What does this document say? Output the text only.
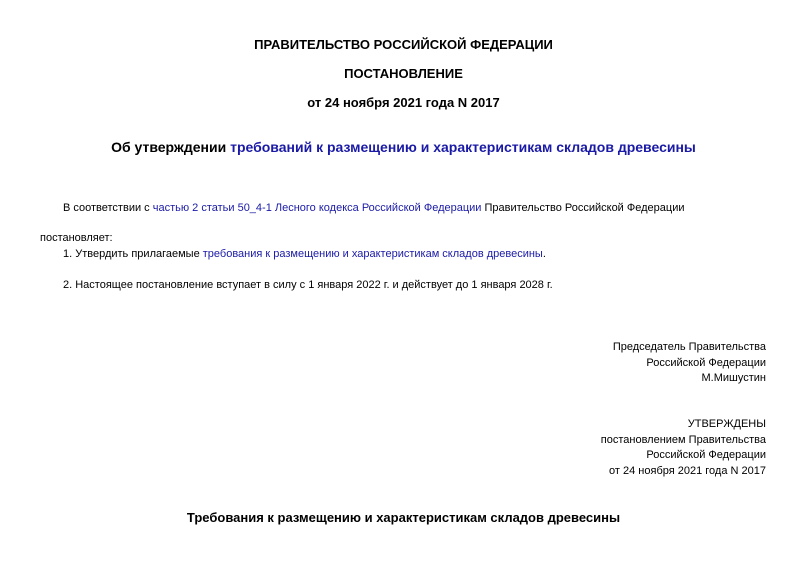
ПРАВИТЕЛЬСТВО РОССИЙСКОЙ ФЕДЕРАЦИИ
ПОСТАНОВЛЕНИЕ
от 24 ноября 2021 года N 2017
Об утверждении требований к размещению и характеристикам складов древесины
В соответствии с частью 2 статьи 50_4-1 Лесного кодекса Российской Федерации Правительство Российской Федерации
постановляет:
1. Утвердить прилагаемые требования к размещению и характеристикам складов древесины.
2. Настоящее постановление вступает в силу с 1 января 2022 г. и действует до 1 января 2028 г.
Председатель Правительства
Российской Федерации
М.Мишустин
УТВЕРЖДЕНЫ
постановлением Правительства
Российской Федерации
от 24 ноября 2021 года N 2017
Требования к размещению и характеристикам складов древесины
